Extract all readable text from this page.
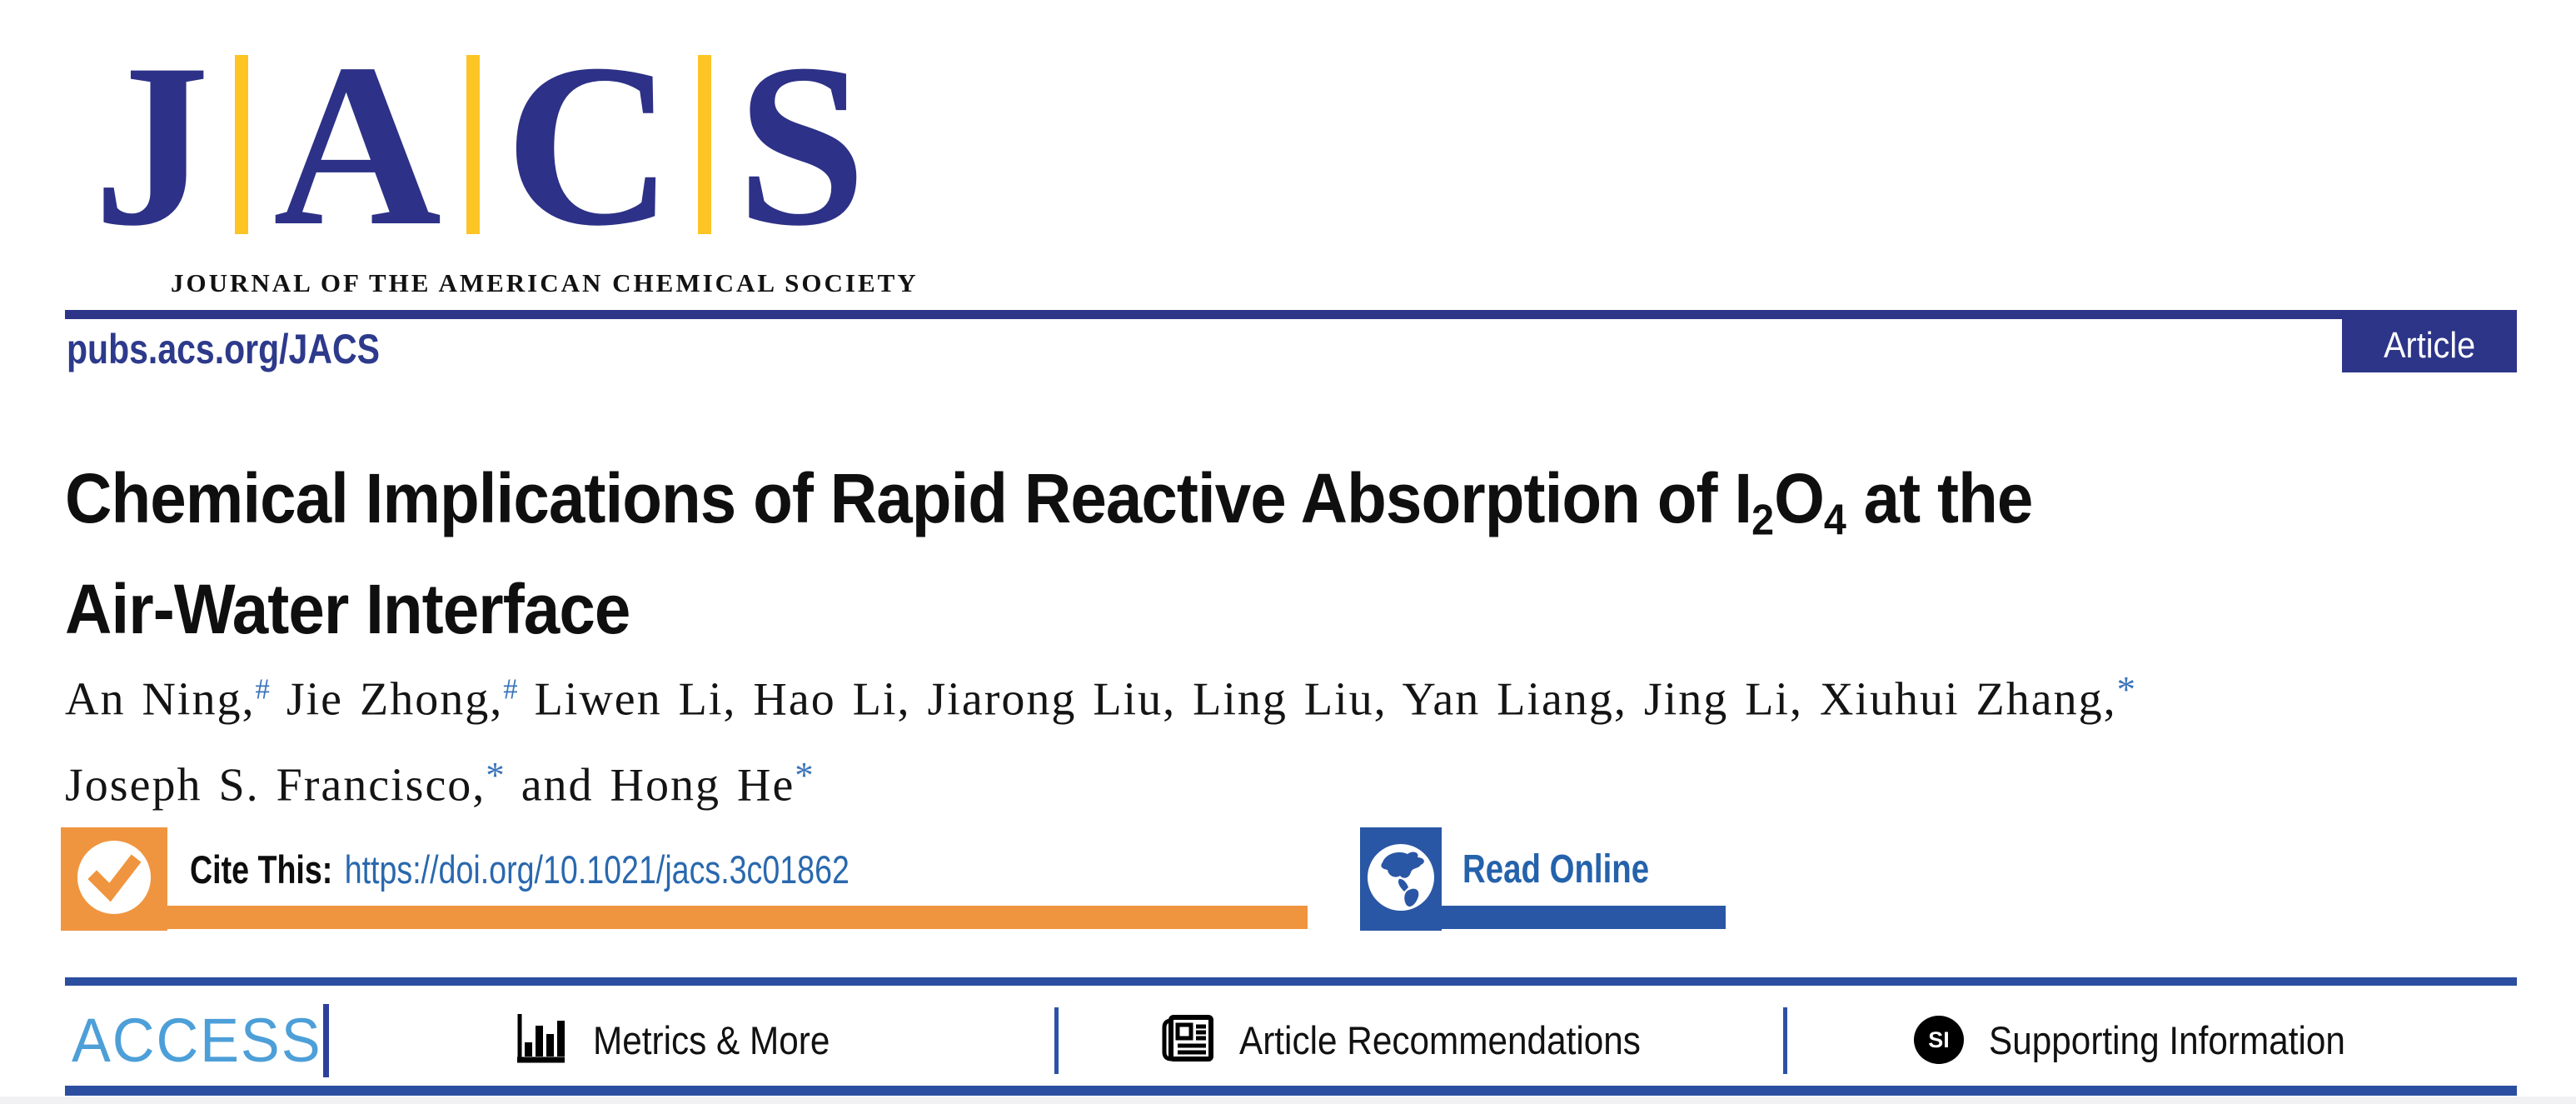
J A C S
JOURNAL OF THE AMERICAN CHEMICAL SOCIETY
pubs.acs.org/JACS	Article
Chemical Implications of Rapid Reactive Absorption of $I_2O_4$ at the
Air-Water Interface
An Ning,# Jie Zhong,# Liwen Li, Hao Li, Jiarong Liu, Ling Liu, Yan Liang, Jing Li, Xiuhui Zhang,*
Joseph S. Francisco,* and Hong He*
Cite This: https://doi.org/10.1021/jacs.3c01862	Read Online
ACCESS	Metrics & More	Article Recommendations	SI	Supporting Information
